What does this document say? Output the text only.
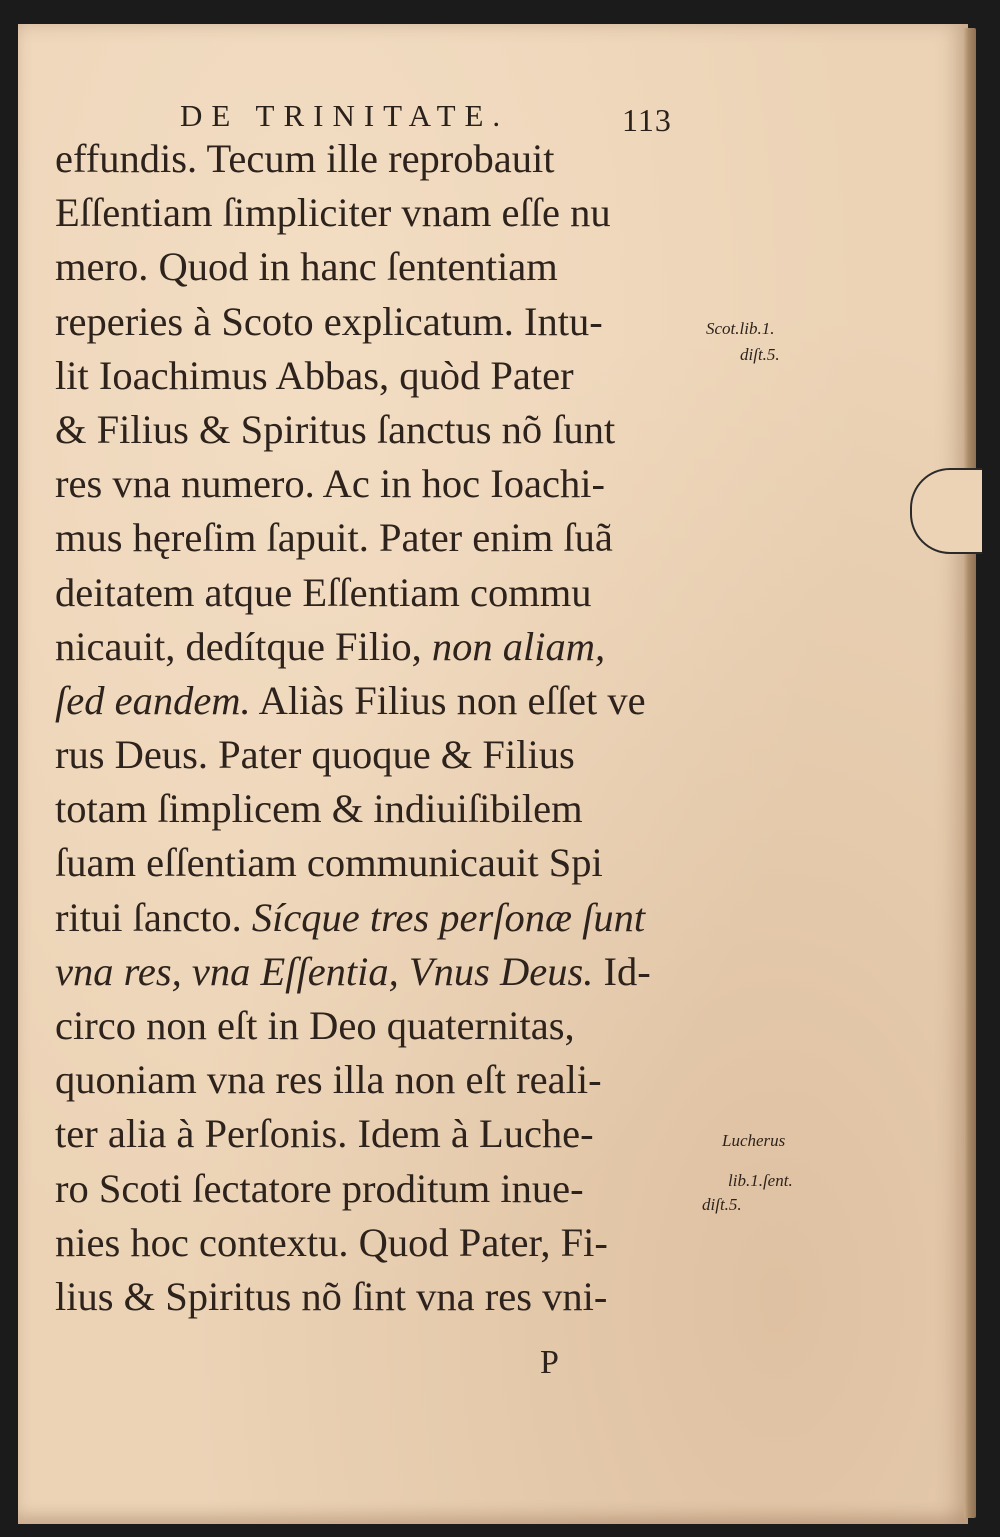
DE TRINITATE.	113
effundis. Tecum ille reprobauit
Eſſentiam ſimpliciter vnam eſſe nu
mero. Quod in hanc ſententiam
reperies à Scoto explicatum. Intu-
lit Ioachimus Abbas, quòd Pater
& Filius & Spiritus ſanctus nõ ſunt
res vna numero. Ac in hoc Ioachi-
mus hęreſim ſapuit. Pater enim ſuã
deitatem atque Eſſentiam commu
nicauit, dedítque Filio, non aliam,
ſed eandem. Aliàs Filius non eſſet ve
rus Deus. Pater quoque & Filius
totam ſimplicem & indiuiſibilem
ſuam eſſentiam communicauit Spi
ritui ſancto. Sícque tres perſonæ ſunt
vna res, vna Eſſentia, Vnus Deus. Id-
circo non eſt in Deo quaternitas,
quoniam vna res illa non eſt reali-
ter alia à Perſonis. Idem à Luche-
ro Scoti ſectatore proditum inue-
nies hoc contextu. Quod Pater, Fi-
lius & Spiritus nõ ſint vna res vni-
Scot.lib.1.
diſt.5.
Lucherus
lib.1.ſent.
diſt.5.
P
